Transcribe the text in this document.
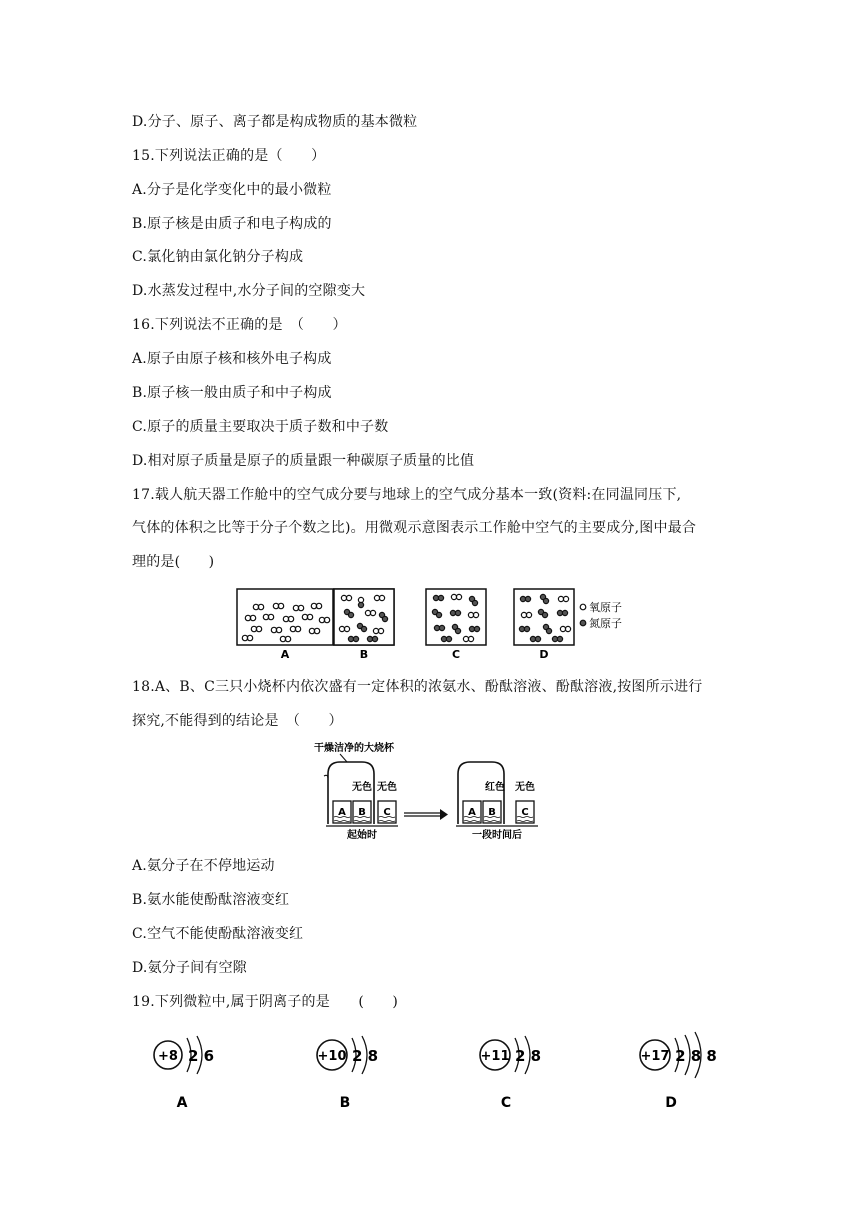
D.分子、原子、离子都是构成物质的基本微粒
15.下列说法正确的是（　　）
A.分子是化学变化中的最小微粒
B.原子核是由质子和电子构成的
C.氯化钠由氯化钠分子构成
D.水蒸发过程中,水分子间的空隙变大
16.下列说法不正确的是　（　　）
A.原子由原子核和核外电子构成
B.原子核一般由质子和中子构成
C.原子的质量主要取决于质子数和中子数
D.相对原子质量是原子的质量跟一种碳原子质量的比值
17.载人航天器工作舱中的空气成分要与地球上的空气成分基本一致(资料:在同温同压下,
气体的体积之比等于分子个数之比)。用微观示意图表示工作舱中空气的主要成分,图中最合
理的是(　　)
A	B	C	D
氧原子
氮原子
18.A、B、C三只小烧杯内依次盛有一定体积的浓氨水、酚酞溶液、酚酞溶液,按图所示进行
探究,不能得到的结论是　（　　）
干燥洁净的大烧杯
A B C
无色 无色
起始时
A B	C
红色 无色
一段时间后
A.氨分子在不停地运动
B.氨水能使酚酞溶液变红
C.空气不能使酚酞溶液变红
D.氨分子间有空隙
19.下列微粒中,属于阴离子的是　　(　　)
+8 2 6
A
+10 2 8
B
+11 2 8
C
+17 2 8 8
D
